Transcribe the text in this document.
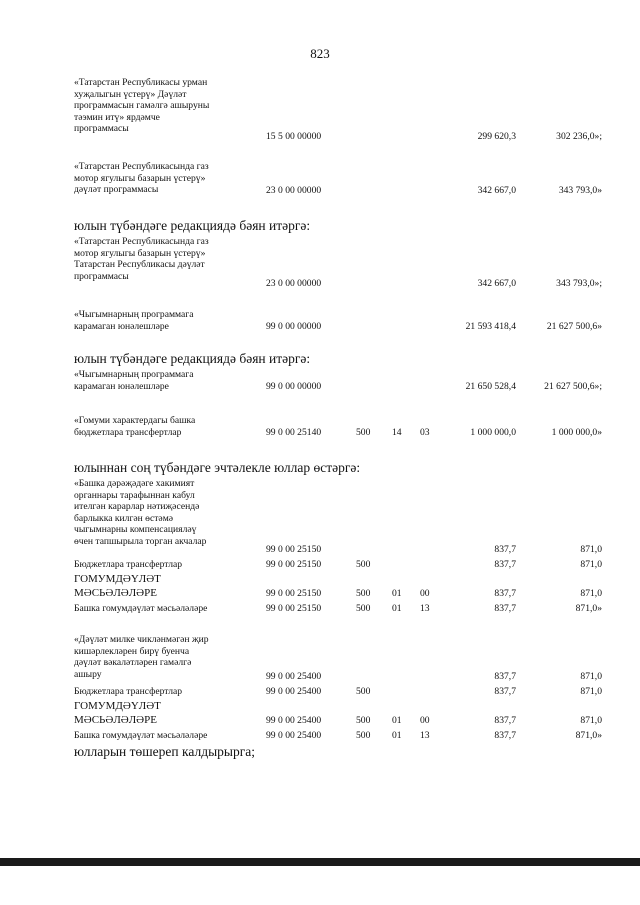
823
«Татарстан Республикасы урман
хуҗалыгын үстерү» Дәүләт
программасын гамәлгә ашыруны
тәэмин итү» ярдәмче
программасы
15 5 00 00000	299 620,3	302 236,0»;
«Татарстан Республикасында газ
мотор ягулыгы базарын үстерү»
дәүләт программасы	23 0 00 00000	342 667,0	343 793,0»
юлын түбәндәге редакциядә бәян итәргә:
«Татарстан Республикасында газ
мотор ягулыгы базарын үстерү»
Татарстан Республикасы дәүләт
программасы
23 0 00 00000	342 667,0	343 793,0»;
«Чыгымнарның программага
карамаган юнәлешләре	99 0 00 00000	21 593 418,4	21 627 500,6»
юлын түбәндәге редакциядә бәян итәргә:
«Чыгымнарның программага
карамаган юнәлешләре	99 0 00 00000	21 650 528,4	21 627 500,6»;
«Гомуми характердагы башка
бюджетлара трансфертлар	99 0 00 25140	500 14 03	1 000 000,0	1 000 000,0»
юлыннан соң түбәндәге эчтәлекле юллар өстәргә:
«Башка дәрәҗәдәге хакимият
органнары тарафыннан кабул
ителгән карарлар нәтиҗәсендә
барлыкка килгән өстәмә
чыгымнарны компенсацияләү
өчен тапшырыла торган акчалар
99 0 00 25150	837,7	871,0
Бюджетлара трансфертлар	99 0 00 25150	500	837,7	871,0
ГОМУМДӘҮЛӘТ
МӘСЬӘЛӘЛӘРЕ	99 0 00 25150	500 01 00	837,7	871,0
Башка гомумдәүләт мәсьәләләре	99 0 00 25150	500 01 13	837,7	871,0»
«Дәүләт милке чикләнмәгән җир
кишәрлекләрен бирү буенча
дәүләт вәкаләтләрен гамәлгә
ашыру	99 0 00 25400	837,7	871,0
Бюджетлара трансфертлар	99 0 00 25400	500	837,7	871,0
ГОМУМДӘҮЛӘТ
МӘСЬӘЛӘЛӘРЕ	99 0 00 25400	500 01 00	837,7	871,0
Башка гомумдәүләт мәсьәләләре	99 0 00 25400	500 01 13	837,7	871,0»
юлларын төшереп калдырырга;
